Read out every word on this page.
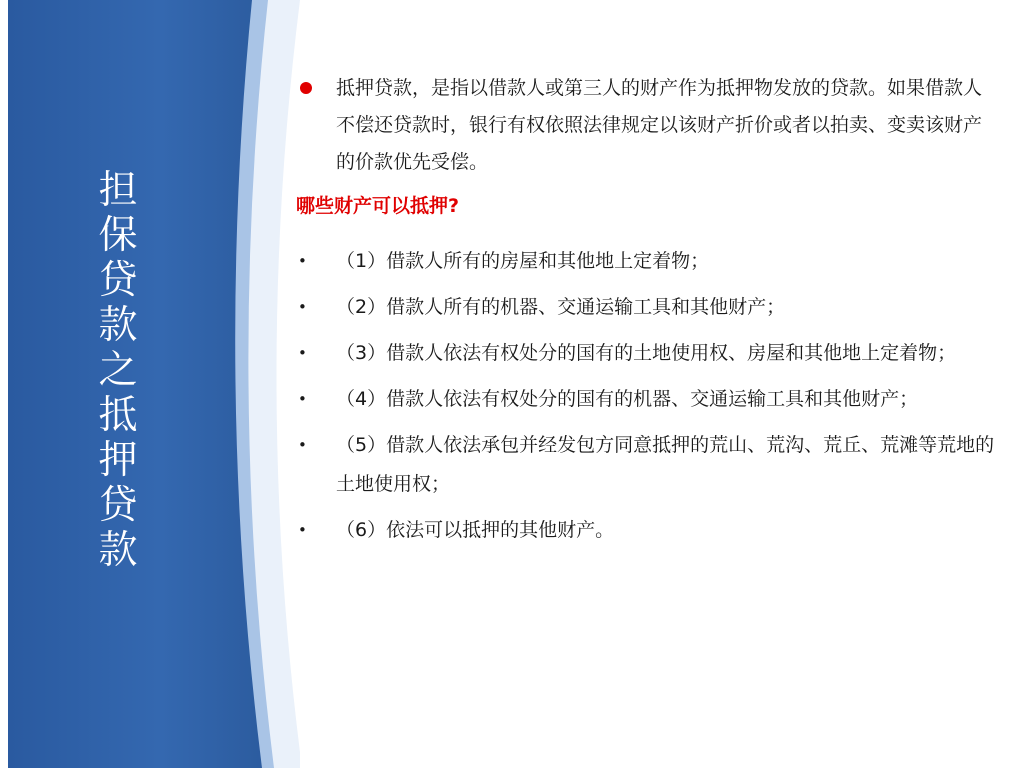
担保贷款之抵押贷款
抵押贷款，是指以借款人或第三人的财产作为抵押物发放的贷款。如果借款人不偿还贷款时，银行有权依照法律规定以该财产折价或者以拍卖、变卖该财产的价款优先受偿。
哪些财产可以抵押?
• （1）借款人所有的房屋和其他地上定着物；
• （2）借款人所有的机器、交通运输工具和其他财产；
• （3）借款人依法有权处分的国有的土地使用权、房屋和其他地上定着物；
• （4）借款人依法有权处分的国有的机器、交通运输工具和其他财产；
• （5）借款人依法承包并经发包方同意抵押的荒山、荒沟、荒丘、荒滩等荒地的土地使用权；
• （6）依法可以抵押的其他财产。
